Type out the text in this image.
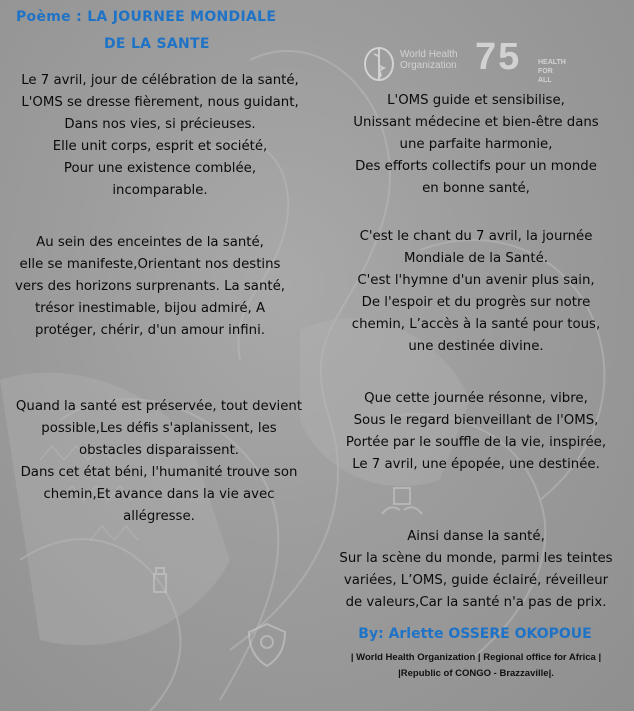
World Health
Organization 75 HEALTH
FOR ALL
Poème : LA JOURNEE MONDIALE
DE LA SANTE
Le 7 avril, jour de célébration de la santé,
L'OMS se dresse fièrement, nous guidant,
Dans nos vies, si précieuses.
Elle unit corps, esprit et société,
Pour une existence comblée,
incomparable.
Au sein des enceintes de la santé,
elle se manifeste,Orientant nos destins
vers des horizons surprenants. La santé,
trésor inestimable, bijou admiré, A
protéger, chérir, d'un amour infini.
Quand la santé est préservée, tout devient
possible,Les défis s'aplanissent, les
obstacles disparaissent.
Dans cet état béni, l'humanité trouve son
chemin,Et avance dans la vie avec
allégresse.
L'OMS guide et sensibilise,
Unissant médecine et bien-être dans
une parfaite harmonie,
Des efforts collectifs pour un monde
en bonne santé,
C'est le chant du 7 avril, la journée
Mondiale de la Santé.
C'est l'hymne d'un avenir plus sain,
De l'espoir et du progrès sur notre
chemin, L’accès à la santé pour tous,
une destinée divine.
Que cette journée résonne, vibre,
Sous le regard bienveillant de l'OMS,
Portée par le souffle de la vie, inspirée,
Le 7 avril, une épopée, une destinée.
Ainsi danse la santé,
Sur la scène du monde, parmi les teintes
variées, L’OMS, guide éclairé, réveilleur
de valeurs,Car la santé n'a pas de prix.
By: Arlette OSSERE OKOPOUE
| World Health Organization | Regional office for Africa |
|Republic of CONGO - Brazzaville|.
